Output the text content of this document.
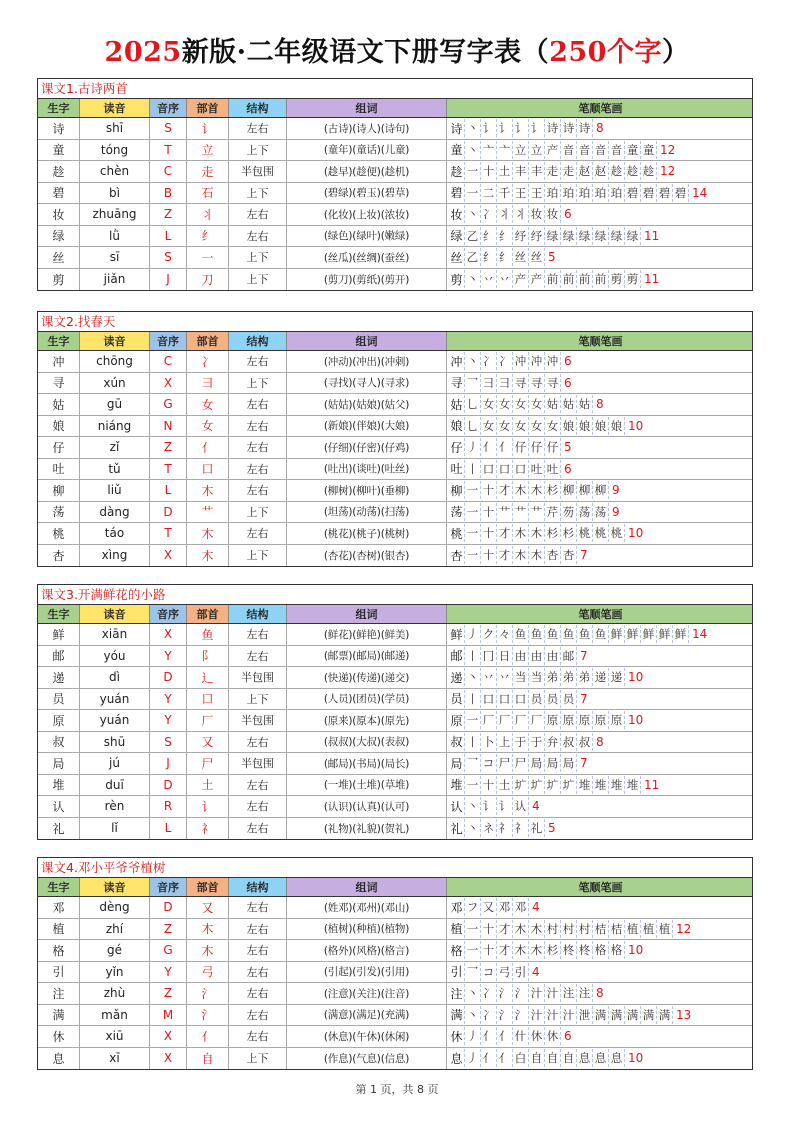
2025新版·二年级语文下册写字表（250个字）
课文1.古诗两首
生字	读音	音序	部首	结构	组词	笔顺笔画
诗	shī	S	讠	左右	(古诗)(诗人)(诗句)	诗 丶 讠 讠 讠 讠 诗 诗 诗 8
童	tóng	T	立	上下	(童年)(童话)(儿童)	童 丶 亠 亠 立 立 产 音 音 音 音 童 童 12
趁	chèn	C	走	半包围	(趁早)(趁便)(趁机)	趁 一 十 土 丰 丰 走 走 赵 赵 趁 趁 趁 12
碧	bì	B	石	上下	(碧绿)(碧玉)(碧草)	碧 一 二 千 王 王 珀 珀 珀 珀 珀 碧 碧 碧 碧 14
妆	zhuāng	Z	丬	左右	(化妆)(上妆)(浓妆)	妆 丶 冫 丬 丬 妆 妆 6
绿	lǜ	L	纟	左右	(绿色)(绿叶)(嫩绿)	绿 乙 纟 纟 纾 纾 绿 绿 绿 绿 绿 绿 11
丝	sī	S	一	上下	(丝瓜)(丝绸)(蚕丝)	丝 乙 纟 纟 丝 丝 5
剪	jiǎn	J	刀	上下	(剪刀)(剪纸)(剪开)	剪 丶 丷 丷 产 产 前 前 前 前 剪 剪 11
课文2.找春天
生字	读音	音序	部首	结构	组词	笔顺笔画
冲	chōng	C	冫	左右	(冲动)(冲出)(冲刺)	冲 丶 冫 冫 冲 冲 冲 6
寻	xún	X	彐	上下	(寻找)(寻人)(寻求)	寻 乛 彐 彐 寻 寻 寻 6
姑	gū	G	女	左右	(姑姑)(姑娘)(姑父)	姑 乚 女 女 女 女 姑 姑 姑 8
娘	niáng	N	女	左右	(新娘)(伴娘)(大娘)	娘 乚 女 女 女 女 女 娘 娘 娘 娘 10
仔	zǐ	Z	亻	左右	(仔细)(仔密)(仔鸡)	仔 丿 亻 亻 仔 仔 仔 5
吐	tǔ	T	口	左右	(吐出)(谈吐)(吐丝)	吐 丨 口 口 口 吐 吐 6
柳	liǔ	L	木	左右	(柳树)(柳叶)(垂柳)	柳 一 十 才 木 木 杉 柳 柳 柳 9
荡	dàng	D	艹	上下	(坦荡)(动荡)(扫荡)	荡 一 十 艹 艹 艹 芹 芴 荡 荡 9
桃	táo	T	木	左右	(桃花)(桃子)(桃树)	桃 一 十 才 木 木 杉 杉 桃 桃 桃 10
杏	xìng	X	木	上下	(杏花)(杏树)(银杏)	杏 一 十 才 木 木 杏 杏 7
课文3.开满鲜花的小路
生字	读音	音序	部首	结构	组词	笔顺笔画
鲜	xiān	X	鱼	左右	(鲜花)(鲜艳)(鲜美)	鲜 丿 ク 々 鱼 鱼 鱼 鱼 鱼 鱼 鲜 鲜 鲜 鲜 鲜 14
邮	yóu	Y	阝	左右	(邮票)(邮局)(邮递)	邮 丨 冂 日 由 由 由 邮 7
递	dì	D	辶	半包围	(快递)(传递)(递交)	递 丶 丷 丷 当 当 弟 弟 弟 递 递 10
员	yuán	Y	口	上下	(人员)(团员)(学员)	员 丨 口 口 口 员 员 员 7
原	yuán	Y	厂	半包围	(原来)(原本)(原先)	原 一 厂 厂 厂 厂 原 原 原 原 原 10
叔	shū	S	又	左右	(叔叔)(大叔)(表叔)	叔 丨 卜 上 于 于 弁 叔 叔 8
局	jú	J	尸	半包围	(邮局)(书局)(局长)	局 乛 コ 尸 尸 局 局 局 7
堆	duī	D	土	左右	(一堆)(土堆)(草堆)	堆 一 十 土 圹 圹 圹 圹 堆 堆 堆 堆 11
认	rèn	R	讠	左右	(认识)(认真)(认可)	认 丶 讠 讠 认 4
礼	lǐ	L	礻	左右	(礼物)(礼貌)(贺礼)	礼 丶 ネ 礻 礻 礼 5
课文4.邓小平爷爷植树
生字	读音	音序	部首	结构	组词	笔顺笔画
邓	dèng	D	又	左右	(姓邓)(邓州)(邓山)	邓 フ 又 邓 邓 4
植	zhí	Z	木	左右	(植树)(种植)(植物)	植 一 十 才 木 木 村 村 村 桔 桔 植 植 植 12
格	gé	G	木	左右	(格外)(风格)(格言)	格 一 十 才 木 木 杉 柊 柊 格 格 10
引	yǐn	Y	弓	左右	(引起)(引发)(引用)	引 乛 コ 弓 引 4
注	zhù	Z	氵	左右	(注意)(关注)(注音)	注 丶 冫 氵 氵 汁 汁 注 注 8
满	mǎn	M	氵	左右	(满意)(满足)(充满)	满 丶 冫 氵 氵 汁 汁 汁 泄 满 满 满 满 满 13
休	xiū	X	亻	左右	(休息)(午休)(休闲)	休 丿 亻 亻 什 休 休 6
息	xī	X	自	上下	(作息)(气息)(信息)	息 丿 亻 亻 白 自 自 自 息 息 息 10
第 1 页，共 8 页
